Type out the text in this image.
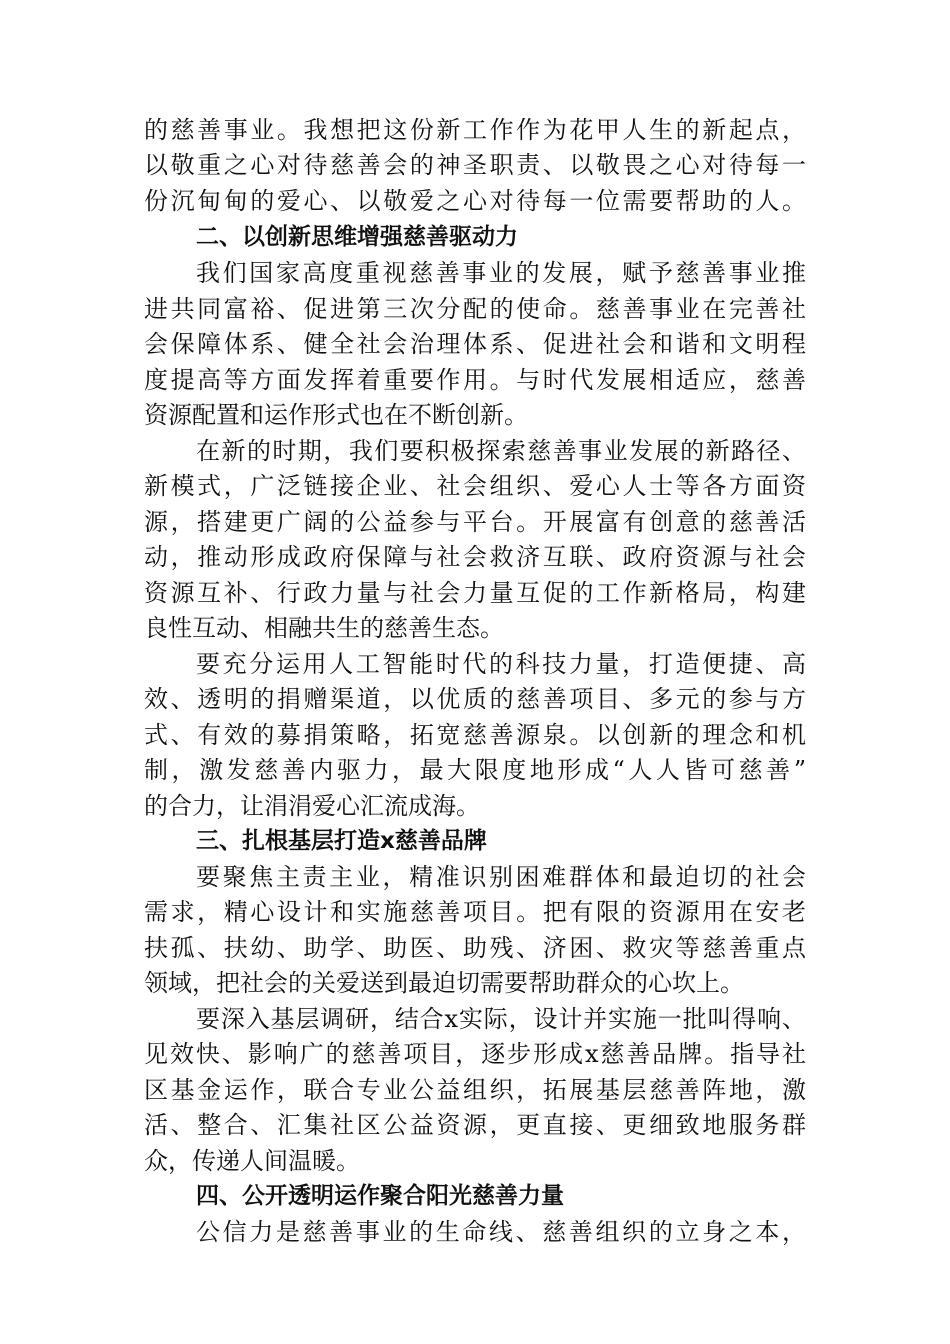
的慈善事业。我想把这份新工作作为花甲人生的新起点，
以敬重之心对待慈善会的神圣职责、以敬畏之心对待每一
份沉甸甸的爱心、以敬爱之心对待每一位需要帮助的人。
二、以创新思维增强慈善驱动力
我们国家高度重视慈善事业的发展，赋予慈善事业推
进共同富裕、促进第三次分配的使命。慈善事业在完善社
会保障体系、健全社会治理体系、促进社会和谐和文明程
度提高等方面发挥着重要作用。与时代发展相适应，慈善
资源配置和运作形式也在不断创新。
在新的时期，我们要积极探索慈善事业发展的新路径、
新模式，广泛链接企业、社会组织、爱心人士等各方面资
源，搭建更广阔的公益参与平台。开展富有创意的慈善活
动，推动形成政府保障与社会救济互联、政府资源与社会
资源互补、行政力量与社会力量互促的工作新格局，构建
良性互动、相融共生的慈善生态。
要充分运用人工智能时代的科技力量，打造便捷、高
效、透明的捐赠渠道，以优质的慈善项目、多元的参与方
式、有效的募捐策略，拓宽慈善源泉。以创新的理念和机
制，激发慈善内驱力，最大限度地形成“人人皆可慈善”
的合力，让涓涓爱心汇流成海。
三、扎根基层打造x慈善品牌
要聚焦主责主业，精准识别困难群体和最迫切的社会
需求，精心设计和实施慈善项目。把有限的资源用在安老
扶孤、扶幼、助学、助医、助残、济困、救灾等慈善重点
领域，把社会的关爱送到最迫切需要帮助群众的心坎上。
要深入基层调研，结合x实际，设计并实施一批叫得响、
见效快、影响广的慈善项目，逐步形成x慈善品牌。指导社
区基金运作，联合专业公益组织，拓展基层慈善阵地，激
活、整合、汇集社区公益资源，更直接、更细致地服务群
众，传递人间温暖。
四、公开透明运作聚合阳光慈善力量
公信力是慈善事业的生命线、慈善组织的立身之本，
